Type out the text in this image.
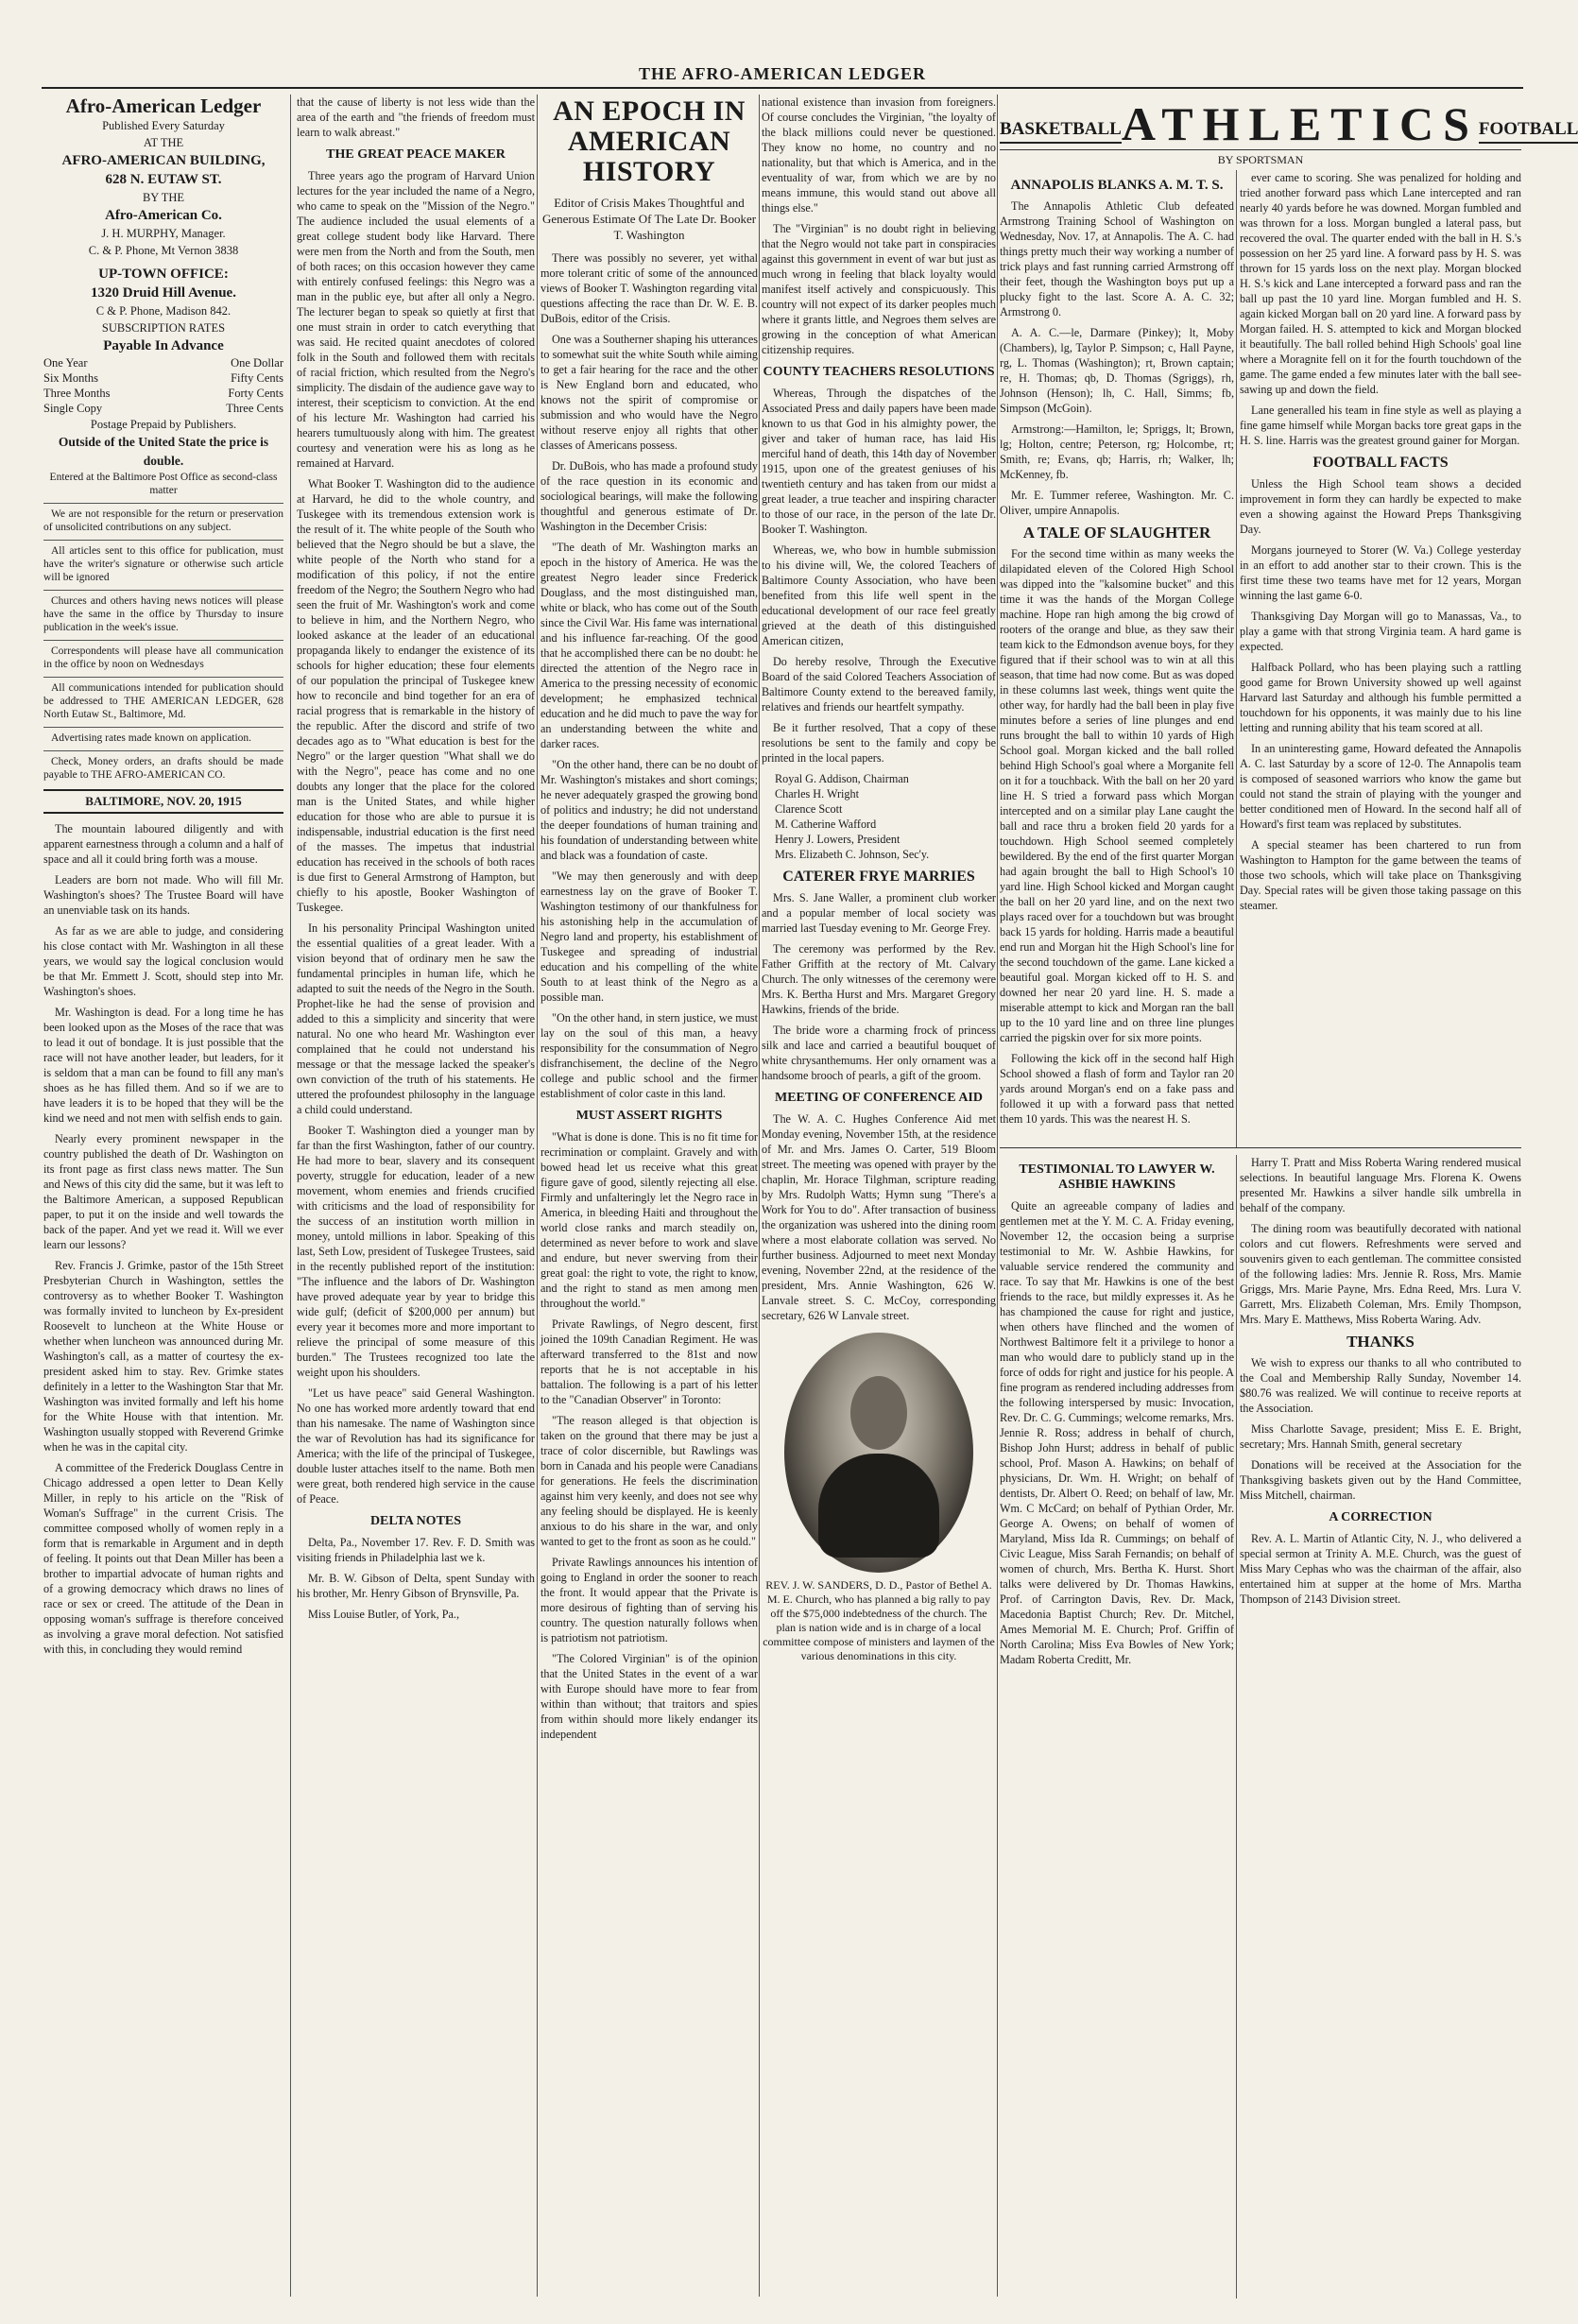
THE AFRO-AMERICAN LEDGER
Afro-American Ledger
Published Every Saturday
AT THE
AFRO-AMERICAN BUILDING,
628 N. EUTAW ST.
BY THE
Afro-American Co.
J. H. MURPHY, Manager.
C. & P. Phone, Mt Vernon 3838
UP-TOWN OFFICE:
1320 Druid Hill Avenue.
C & P. Phone, Madison 842.
SUBSCRIPTION RATES
Payable In Advance
One Year	One Dollar
Six Months	Fifty Cents
Three Months	Forty Cents
Single Copy	Three Cents
Postage Prepaid by Publishers.
Outside of the United State the price is double.
Entered at the Baltimore Post Office as second-class matter
We are not responsible for the return or preservation of unsolicited contributions on any subject.
All articles sent to this office for publication, must have the writer's signature or otherwise such article will be ignored
Churces and others having news notices will please have the same in the office by Thursday to insure publication in the week's issue.
Correspondents will please have all communication in the office by noon on Wednesdays
All communications intended for publication should be addressed to THE AMERICAN LEDGER, 628 North Eutaw St., Baltimore, Md.
Advertising rates made known on application.
Check, Money orders, an drafts should be made payable to THE AFRO-AMERICAN CO.
BALTIMORE, NOV. 20, 1915

The mountain laboured diligently and with apparent earnestness through a column and a half of space and all it could bring forth was a mouse.

Leaders are born not made. Who will fill Mr. Washington's shoes? The Trustee Board will have an unenviable task on its hands.

As far as we are able to judge, and considering his close contact with Mr. Washington in all these years, we would say the logical conclusion would be that Mr. Emmett J. Scott, should step into Mr. Washington's shoes.

Mr. Washington is dead. For a long time he has been looked upon as the Moses of the race that was to lead it out of bondage. It is just possible that the race will not have another leader, but leaders, for it is seldom that a man can be found to fill any man's shoes as he has filled them. And so if we are to have leaders it is to be hoped that they will be the kind we need and not men with selfish ends to gain.

Nearly every prominent newspaper in the country published the death of Dr. Washington on its front page as first class news matter. The Sun and News of this city did the same, but it was left to the Baltimore American, a supposed Republican paper, to put it on the inside and well towards the back of the paper. And yet we read it. Will we ever learn our lessons?

Rev. Francis J. Grimke, pastor of the 15th Street Presbyterian Church in Washington, settles the controversy as to whether Booker T. Washington was formally invited to luncheon by Ex-president Roosevelt to luncheon at the White House or whether when luncheon was announced during Mr. Washington's call, as a matter of courtesy the ex-president asked him to stay. Rev. Grimke states definitely in a letter to the Washington Star that Mr. Washington was invited formally and left his home for the White House with that intention. Mr. Washington usually stopped with Reverend Grimke when he was in the capital city.

A committee of the Frederick Douglass Centre in Chicago addressed a open letter to Dean Kelly Miller, in reply to his article on the "Risk of Woman's Suffrage" in the current Crisis. The committee composed wholly of women reply in a form that is remarkable in Argument and in depth of feeling. It points out that Dean Miller has been a brother to impartial advocate of human rights and of a growing democracy which draws no lines of race or sex or creed. The attitude of the Dean in opposing woman's suffrage is therefore conceived as involving a grave moral defection. Not satisfied with this, in concluding they would remind

that the cause of liberty is not less wide than the area of the earth and "the friends of freedom must learn to walk abreast."

THE GREAT PEACE MAKER

Three years ago the program of Harvard Union lectures for the year included the name of a Negro, who came to speak on the "Mission of the Negro." The audience included the usual elements of a great college student body like Harvard. There were men from the North and from the South, men of both races; on this occasion however they came with entirely confused feelings: this Negro was a man in the public eye, but after all only a Negro. The lecturer began to speak so quietly at first that one must strain in order to catch everything that was said. He recited quaint anecdotes of colored folk in the South and followed them with recitals of racial friction, which resulted from the Negro's simplicity. The disdain of the audience gave way to interest, their scepticism to conviction. At the end of his lecture Mr. Washington had carried his hearers tumultuously along with him. The greatest courtesy and veneration were his as long as he remained at Harvard.

What Booker T. Washington did to the audience at Harvard, he did to the whole country, and Tuskegee with its tremendous extension work is the result of it. The white people of the South who believed that the Negro should be but a slave, the white people of the North who stand for a modification of this policy, if not the entire freedom of the Negro; the Southern Negro who had seen the fruit of Mr. Washington's work and come to believe in him, and the Northern Negro, who looked askance at the leader of an educational propaganda likely to endanger the existence of its schools for higher education; these four elements of our population the principal of Tuskegee knew how to reconcile and bind together for an era of racial progress that is remarkable in the history of the republic. After the discord and strife of two decades ago as to "What education is best for the Negro" or the larger question "What shall we do with the Negro", peace has come and no one doubts any longer that the place for the colored man is the United States, and while higher education for those who are able to pursue it is indispensable, industrial education is the first need of the masses. The impetus that industrial education has received in the schools of both races is due first to General Armstrong of Hampton, but chiefly to his apostle, Booker Washington of Tuskegee.

In his personality Principal Washington united the essential qualities of a great leader. With a vision beyond that of ordinary men he saw the fundamental principles in human life, which he adapted to suit the needs of the Negro in the South. Prophet-like he had the sense of provision and added to this a simplicity and sincerity that were natural. No one who heard Mr. Washington ever complained that he could not understand his message or that the message lacked the speaker's own conviction of the truth of his statements. He uttered the profoundest philosophy in the language a child could understand.

Booker T. Washington died a younger man by far than the first Washington, father of our country. He had more to bear, slavery and its consequent poverty, struggle for education, leader of a new movement, whom enemies and friends crucified with criticisms and the load of responsibility for the success of an institution worth million in money, untold millions in labor. Speaking of this last, Seth Low, president of Tuskegee Trustees, said in the recently published report of the institution: "The influence and the labors of Dr. Washington have proved adequate year by year to bridge this wide gulf; (deficit of $200,000 per annum) but every year it becomes more and more important to relieve the principal of some measure of this burden." The Trustees recognized too late the weight upon his shoulders.

"Let us have peace" said General Washington. No one has worked more ardently toward that end than his namesake. The name of Washington since the war of Revolution has had its significance for America; with the life of the principal of Tuskegee, double luster attaches itself to the name. Both men were great, both rendered high service in the cause of Peace.

DELTA NOTES

Delta, Pa., November 17. Rev. F. D. Smith was visiting friends in Philadelphia last we k.

Mr. B. W. Gibson of Delta, spent Sunday with his brother, Mr. Henry Gibson of Brynsville, Pa.

Miss Louise Butler, of York, Pa.,

AN EPOCH IN AMERICAN HISTORY
Editor of Crisis Makes Thoughtful and Generous Estimate Of The Late Dr. Booker T. Washington

There was possibly no severer, yet withal more tolerant critic of some of the announced views of Booker T. Washington regarding vital questions affecting the race than Dr. W. E. B. DuBois, editor of the Crisis.

One was a Southerner shaping his utterances to somewhat suit the white South while aiming to get a fair hearing for the race and the other is New England born and educated, who knows not the spirit of compromise or submission and who would have the Negro without reserve enjoy all rights that other classes of Americans possess.

Dr. DuBois, who has made a profound study of the race question in its economic and sociological bearings, will make the following thoughtful and generous estimate of Dr. Washington in the December Crisis:

"The death of Mr. Washington marks an epoch in the history of America. He was the greatest Negro leader since Frederick Douglass, and the most distinguished man, white or black, who has come out of the South since the Civil War. His fame was international and his influence far-reaching. Of the good that he accomplished there can be no doubt: he directed the attention of the Negro race in America to the pressing necessity of economic development; he emphasized technical education and he did much to pave the way for an understanding between the white and darker races.

"On the other hand, there can be no doubt of Mr. Washington's mistakes and short comings; he never adequately grasped the growing bond of politics and industry; he did not understand the deeper foundations of human training and his foundation of understanding between white and black was a foundation of caste.

"We may then generously and with deep earnestness lay on the grave of Booker T. Washington testimony of our thankfulness for his astonishing help in the accumulation of Negro land and property, his establishment of Tuskegee and spreading of industrial education and his compelling of the white South to at least think of the Negro as a possible man.

"On the other hand, in stern justice, we must lay on the soul of this man, a heavy responsibility for the consummation of Negro disfranchisement, the decline of the Negro college and public school and the firmer establishment of color caste in this land.

MUST ASSERT RIGHTS

"What is done is done. This is no fit time for recrimination or complaint. Gravely and with bowed head let us receive what this great figure gave of good, silently rejecting all else. Firmly and unfalteringly let the Negro race in America, in bleeding Haiti and throughout the world close ranks and march steadily on, determined as never before to work and slave and endure, but never swerving from their great goal: the right to vote, the right to know, and the right to stand as men among men throughout the world."

Private Rawlings, of Negro descent, first joined the 109th Canadian Regiment. He was afterward transferred to the 81st and now reports that he is not acceptable in his battalion. The following is a part of his letter to the "Canadian Observer" in Toronto:

"The reason alleged is that objection is taken on the ground that there may be just a trace of color discernible, but Rawlings was born in Canada and his people were Canadians for generations. He feels the discrimination against him very keenly, and does not see why any feeling should be displayed. He is keenly anxious to do his share in the war, and only wanted to get to the front as soon as he could."

Private Rawlings announces his intention of going to England in order the sooner to reach the front. It would appear that the Private is more desirous of fighting than of serving his country. The question naturally follows when is patriotism not patriotism.

"The Colored Virginian" is of the opinion that the United States in the event of a war with Europe should have more to fear from within than without; that traitors and spies from within should more likely endanger its independent

national existence than invasion from foreigners. Of course concludes the Virginian, "the loyalty of the black millions could never be questioned. They know no home, no country and no nationality, but that which is America, and in the eventuality of war, from which we are by no means immune, this would stand out above all things else."

The "Virginian" is no doubt right in believing that the Negro would not take part in conspiracies against this government in event of war but just as much wrong in feeling that black loyalty would manifest itself actively and conspicuously. This country will not expect of its darker peoples much where it grants little, and Negroes them selves are growing in the conception of what American citizenship requires.

COUNTY TEACHERS RESOLUTIONS

Whereas, Through the dispatches of the Associated Press and daily papers have been made known to us that God in his almighty power, the giver and taker of human race, has laid His merciful hand of death, this 14th day of November 1915, upon one of the greatest geniuses of his twentieth century and has taken from our midst a great leader, a true teacher and inspiring character to those of our race, in the person of the late Dr. Booker T. Washington.

Whereas, we, who bow in humble submission to his divine will, We, the colored Teachers of Baltimore County Association, who have been benefited from this life well spent in the educational development of our race feel greatly grieved at the death of this distinguished American citizen,

Do hereby resolve, Through the Executive Board of the said Colored Teachers Association of Baltimore County extend to the bereaved family, relatives and friends our heartfelt sympathy.

Be it further resolved, That a copy of these resolutions be sent to the family and copy be printed in the local papers.

Royal G. Addison, Chairman
Charles H. Wright
Clarence Scott
M. Catherine Wafford
Henry J. Lowers, President
Mrs. Elizabeth C. Johnson, Sec'y.
CATERER FRYE MARRIES

Mrs. S. Jane Waller, a prominent club worker and a popular member of local society was married last Tuesday evening to Mr. George Frey.

The ceremony was performed by the Rev. Father Griffith at the rectory of Mt. Calvary Church. The only witnesses of the ceremony were Mrs. K. Bertha Hurst and Mrs. Margaret Gregory Hawkins, friends of the bride.

The bride wore a charming frock of princess silk and lace and carried a beautiful bouquet of white chrysanthemums. Her only ornament was a handsome brooch of pearls, a gift of the groom.

MEETING OF CONFERENCE AID

The W. A. C. Hughes Conference Aid met Monday evening, November 15th, at the residence of Mr. and Mrs. James O. Carter, 519 Bloom street. The meeting was opened with prayer by the chaplin, Mr. Horace Tilghman, scripture reading by Mrs. Rudolph Watts; Hymn sung "There's a Work for You to do". After transaction of business the organization was ushered into the dining room where a most elaborate collation was served. No further business. Adjourned to meet next Monday evening, November 22nd, at the residence of the president, Mrs. Annie Washington, 626 W. Lanvale street. S. C. McCoy, corresponding secretary, 626 W Lanvale street.

REV. J. W. SANDERS, D. D., Pastor of Bethel A. M. E. Church, who has planned a big rally to pay off the $75,000 indebtedness of the church. The plan is nation wide and is in charge of a local committee compose of ministers and laymen of the various denominations in this city.
BASKETBALL ATHLETICS FOOTBALL
BY SPORTSMAN
ANNAPOLIS BLANKS A. M. T. S.

The Annapolis Athletic Club defeated Armstrong Training School of Washington on Wednesday, Nov. 17, at Annapolis. The A. C. had things pretty much their way working a number of trick plays and fast running carried Armstrong off their feet, though the Washington boys put up a plucky fight to the last. Score A. A. C. 32; Armstrong 0.

A. A. C.—le, Darmare (Pinkey); lt, Moby (Chambers), lg, Taylor P. Simpson; c, Hall Payne, rg, L. Thomas (Washington); rt, Brown captain; re, H. Thomas; qb, D. Thomas (Sgriggs), rh, Johnson (Henson); lh, C. Hall, Simms; fb, Simpson (McGoin).

Armstrong:—Hamilton, le; Spriggs, lt; Brown, lg; Holton, centre; Peterson, rg; Holcombe, rt; Smith, re; Evans, qb; Harris, rh; Walker, lh; McKenney, fb.

Mr. E. Tummer referee, Washington. Mr. C. Oliver, umpire Annapolis.

A TALE OF SLAUGHTER

For the second time within as many weeks the dilapidated eleven of the Colored High School was dipped into the "kalsomine bucket" and this time it was the hands of the Morgan College machine. Hope ran high among the big crowd of rooters of the orange and blue, as they saw their team kick to the Edmondson avenue boys, for they figured that if their school was to win at all this season, that time had now come. But as was doped in these columns last week, things went quite the other way, for hardly had the ball been in play five minutes before a series of line plunges and end runs brought the ball to within 10 yards of High School goal. Morgan kicked and the ball rolled behind High School's goal where a Morganite fell on it for a touchback. With the ball on her 20 yard line H. S tried a forward pass which Morgan intercepted and on a similar play Lane caught the ball and race thru a broken field 20 yards for a touchdown. High School seemed completely bewildered. By the end of the first quarter Morgan had again brought the ball to High School's 10 yard line. High School kicked and Morgan caught the ball on her 20 yard line, and on the next two plays raced over for a touchdown but was brought back 15 yards for holding. Harris made a beautiful end run and Morgan hit the High School's line for the second touchdown of the game. Lane kicked a beautiful goal. Morgan kicked off to H. S. and downed her near 20 yard line. H. S. made a miserable attempt to kick and Morgan ran the ball up to the 10 yard line and on three line plunges carried the pigskin over for six more points.

Following the kick off in the second half High School showed a flash of form and Taylor ran 20 yards around Morgan's end on a fake pass and followed it up with a forward pass that netted them 10 yards. This was the nearest H. S.

ever came to scoring. She was penalized for holding and tried another forward pass which Lane intercepted and ran nearly 40 yards before he was downed. Morgan fumbled and was thrown for a loss. Morgan bungled a lateral pass, but recovered the oval. The quarter ended with the ball in H. S.'s possession on her 25 yard line. A forward pass by H. S. was thrown for 15 yards loss on the next play. Morgan blocked H. S.'s kick and Lane intercepted a forward pass and ran the ball up past the 10 yard line. Morgan fumbled and H. S. again kicked Morgan ball on 20 yard line. A forward pass by Morgan failed. H. S. attempted to kick and Morgan blocked it beautifully. The ball rolled behind High Schools' goal line where a Moragnite fell on it for the fourth touchdown of the game. The game ended a few minutes later with the ball see-sawing up and down the field.

Lane generalled his team in fine style as well as playing a fine game himself while Morgan backs tore great gaps in the H. S. line. Harris was the greatest ground gainer for Morgan.

FOOTBALL FACTS

Unless the High School team shows a decided improvement in form they can hardly be expected to make even a showing against the Howard Preps Thanksgiving Day.

Morgans journeyed to Storer (W. Va.) College yesterday in an effort to add another star to their crown. This is the first time these two teams have met for 12 years, Morgan winning the last game 6-0.

Thanksgiving Day Morgan will go to Manassas, Va., to play a game with that strong Virginia team. A hard game is expected.

Halfback Pollard, who has been playing such a rattling good game for Brown University showed up well against Harvard last Saturday and although his fumble permitted a touchdown for his opponents, it was mainly due to his line letting and running ability that his team scored at all.

In an uninteresting game, Howard defeated the Annapolis A. C. last Saturday by a score of 12-0. The Annapolis team is composed of seasoned warriors who know the game but could not stand the strain of playing with the younger and better conditioned men of Howard. In the second half all of Howard's first team was replaced by substitutes.

A special steamer has been chartered to run from Washington to Hampton for the game between the teams of those two schools, which will take place on Thanksgiving Day. Special rates will be given those taking passage on this steamer.

TESTIMONIAL TO LAWYER W. ASHBIE HAWKINS

Quite an agreeable company of ladies and gentlemen met at the Y. M. C. A. Friday evening, November 12, the occasion being a surprise testimonial to Mr. W. Ashbie Hawkins, for valuable service rendered the community and race. To say that Mr. Hawkins is one of the best friends to the race, but mildly expresses it. As he has championed the cause for right and justice, when others have flinched and the women of Northwest Baltimore felt it a privilege to honor a man who would dare to publicly stand up in the force of odds for right and justice for his people. A fine program as rendered including addresses from the following interspersed by music: Invocation, Rev. Dr. C. G. Cummings; welcome remarks, Mrs. Jennie R. Ross; address in behalf of church, Bishop John Hurst; address in behalf of public school, Prof. Mason A. Hawkins; on behalf of physicians, Dr. Wm. H. Wright; on behalf of dentists, Dr. Albert O. Reed; on behalf of law, Mr. Wm. C McCard; on behalf of Pythian Order, Mr. George A. Owens; on behalf of women of Maryland, Miss Ida R. Cummings; on behalf of Civic League, Miss Sarah Fernandis; on behalf of women of church, Mrs. Bertha K. Hurst. Short talks were delivered by Dr. Thomas Hawkins, Prof. of Carrington Davis, Rev. Dr. Mack, Macedonia Baptist Church; Rev. Dr. Mitchel, Ames Memorial M. E. Church; Prof. Griffin of North Carolina; Miss Eva Bowles of New York; Madam Roberta Creditt, Mr.

Harry T. Pratt and Miss Roberta Waring rendered musical selections. In beautiful language Mrs. Florena K. Owens presented Mr. Hawkins a silver handle silk umbrella in behalf of the company.

The dining room was beautifully decorated with national colors and cut flowers. Refreshments were served and souvenirs given to each gentleman. The committee consisted of the following ladies: Mrs. Jennie R. Ross, Mrs. Mamie Griggs, Mrs. Marie Payne, Mrs. Edna Reed, Mrs. Lura V. Garrett, Mrs. Elizabeth Coleman, Mrs. Emily Thompson, Mrs. Mary E. Matthews, Miss Roberta Waring. Adv.

THANKS

We wish to express our thanks to all who contributed to the Coal and Membership Rally Sunday, November 14. $80.76 was realized. We will continue to receive reports at the Association.

Miss Charlotte Savage, president; Miss E. E. Bright, secretary; Mrs. Hannah Smith, general secretary

Donations will be received at the Association for the Thanksgiving baskets given out by the Hand Committee, Miss Mitchell, chairman.

A CORRECTION

Rev. A. L. Martin of Atlantic City, N. J., who delivered a special sermon at Trinity A. M.E. Church, was the guest of Miss Mary Cephas who was the chairman of the affair, also entertained him at supper at the home of Mrs. Martha Thompson of 2143 Division street.
